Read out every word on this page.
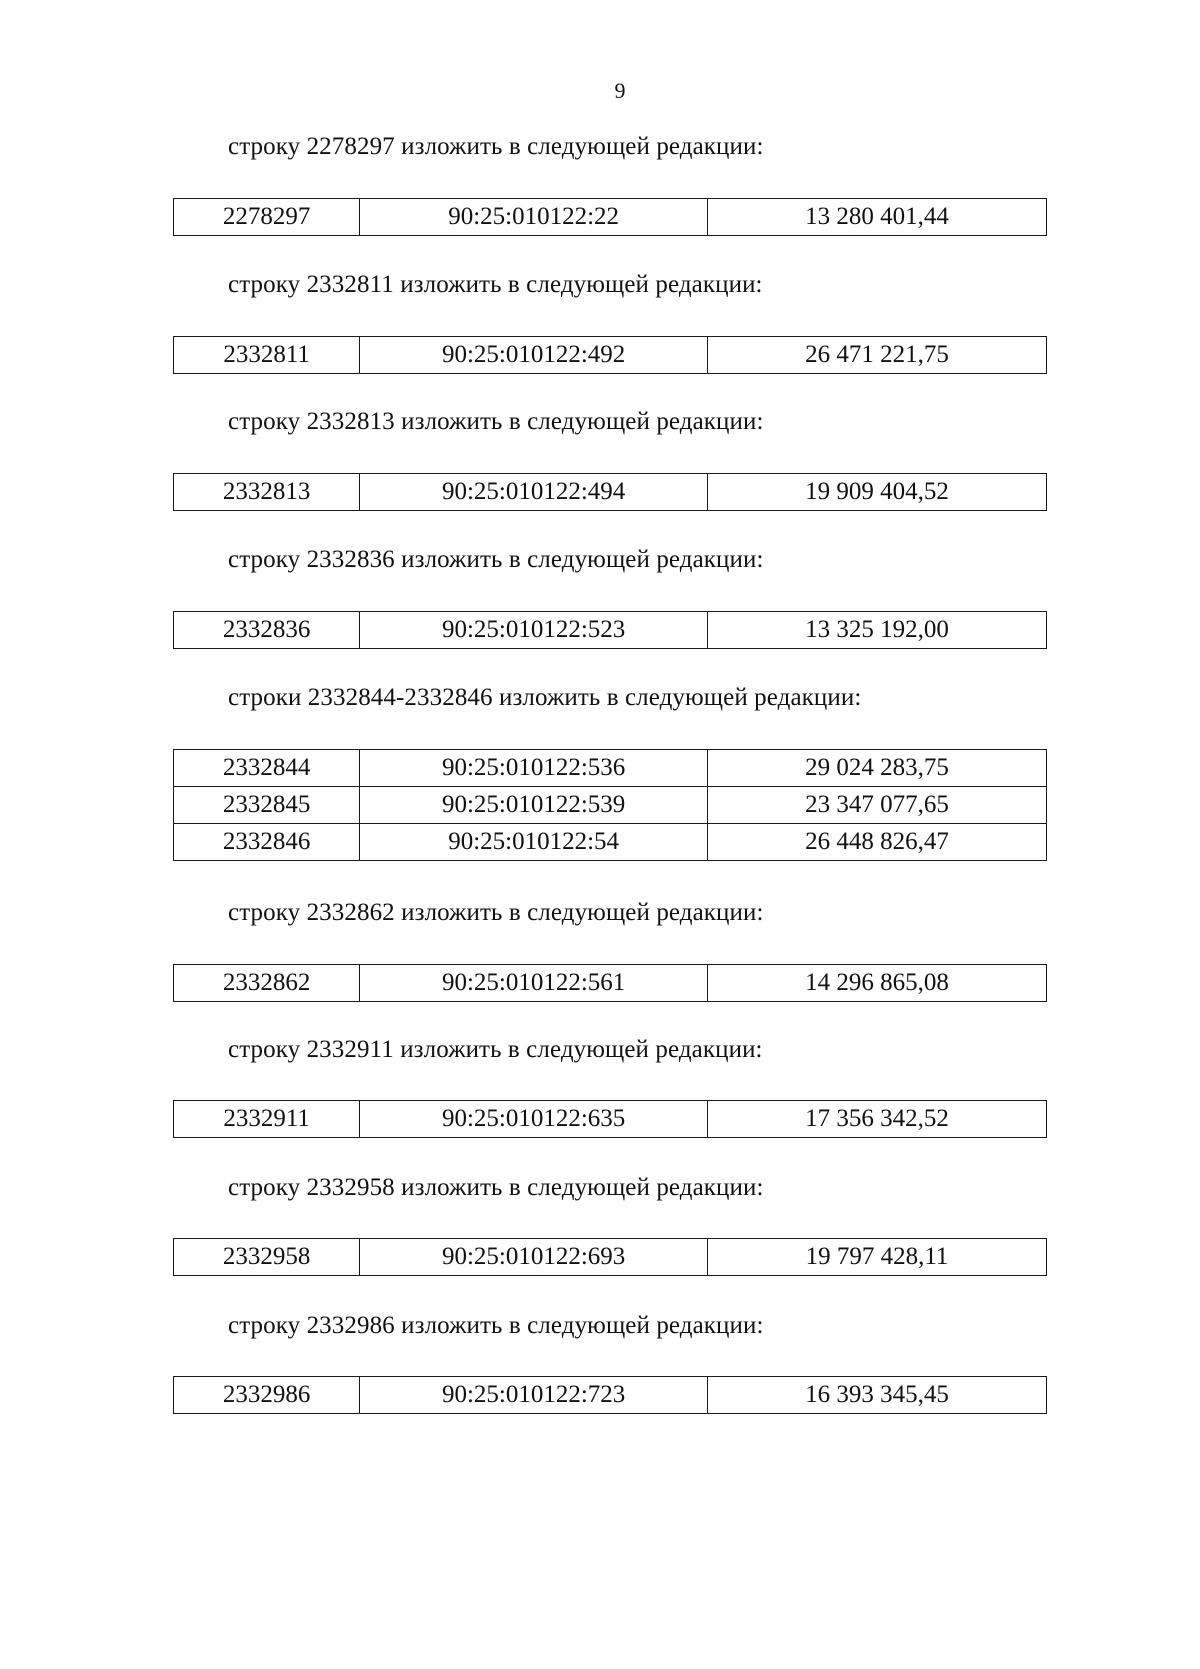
9
строку 2278297 изложить в следующей редакции:
2278297	90:25:010122:22	13 280 401,44
строку 2332811 изложить в следующей редакции:
2332811	90:25:010122:492	26 471 221,75
строку 2332813 изложить в следующей редакции:
2332813	90:25:010122:494	19 909 404,52
строку 2332836 изложить в следующей редакции:
2332836	90:25:010122:523	13 325 192,00
строки 2332844-2332846 изложить в следующей редакции:
2332844	90:25:010122:536	29 024 283,75
2332845	90:25:010122:539	23 347 077,65
2332846	90:25:010122:54	26 448 826,47
строку 2332862 изложить в следующей редакции:
2332862	90:25:010122:561	14 296 865,08
строку 2332911 изложить в следующей редакции:
2332911	90:25:010122:635	17 356 342,52
строку 2332958 изложить в следующей редакции:
2332958	90:25:010122:693	19 797 428,11
строку 2332986 изложить в следующей редакции:
2332986	90:25:010122:723	16 393 345,45
